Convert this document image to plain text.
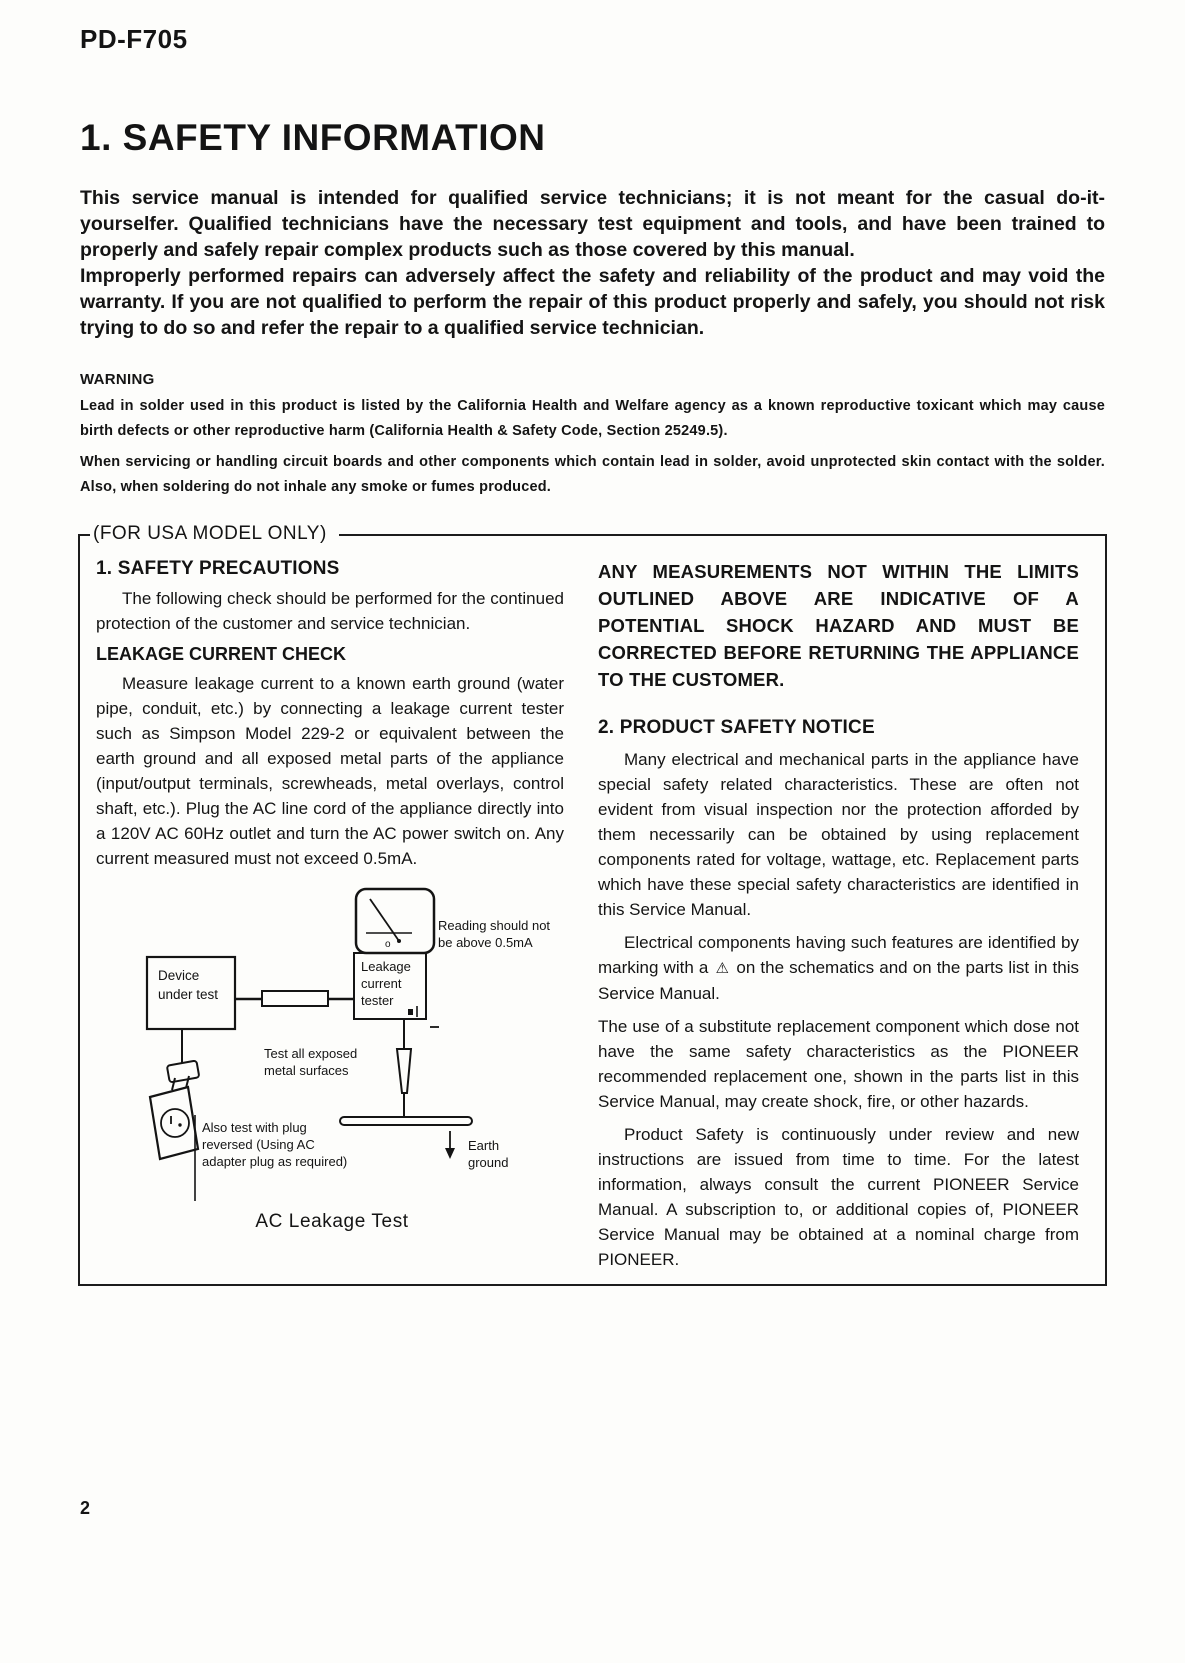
PD-F705
1. SAFETY INFORMATION

This service manual is intended for qualified service technicians; it is not meant for the casual do-it-yourselfer. Qualified technicians have the necessary test equipment and tools, and have been trained to properly and safely repair complex products such as those covered by this manual.

Improperly performed repairs can adversely affect the safety and reliability of the product and may void the warranty. If you are not qualified to perform the repair of this product properly and safely, you should not risk trying to do so and refer the repair to a qualified service technician.

WARNING

Lead in solder used in this product is listed by the California Health and Welfare agency as a known reproductive toxicant which may cause birth defects or other reproductive harm (California Health & Safety Code, Section 25249.5).

When servicing or handling circuit boards and other components which contain lead in solder, avoid unprotected skin contact with the solder. Also, when soldering do not inhale any smoke or fumes produced.

(FOR USA MODEL ONLY)
1. SAFETY PRECAUTIONS

The following check should be performed for the continued protection of the customer and service technician.

LEAKAGE CURRENT CHECK

Measure leakage current to a known earth ground (water pipe, conduit, etc.) by connecting a leakage current tester such as Simpson Model 229-2 or equivalent between the earth ground and all exposed metal parts of the appliance (input/output terminals, screwheads, metal overlays, control shaft, etc.). Plug the AC line cord of the appliance directly into a 120V AC 60Hz outlet and turn the AC power switch on. Any current measured must not exceed 0.5mA.

o
Reading should not be above 0.5mA
Leakage current tester
Device under test
Test all exposed metal surfaces
Also test with plug reversed (Using AC adapter plug as required)
Earth ground
AC Leakage Test

ANY MEASUREMENTS NOT WITHIN THE LIMITS OUTLINED ABOVE ARE INDICATIVE OF A POTENTIAL SHOCK HAZARD AND MUST BE CORRECTED BEFORE RETURNING THE APPLIANCE TO THE CUSTOMER.

2. PRODUCT SAFETY NOTICE

Many electrical and mechanical parts in the appliance have special safety related characteristics. These are often not evident from visual inspection nor the protection afforded by them necessarily can be obtained by using replacement components rated for voltage, wattage, etc. Replacement parts which have these special safety characteristics are identified in this Service Manual.

Electrical components having such features are identified by marking with a ⚠ on the schematics and on the parts list in this Service Manual.

The use of a substitute replacement component which dose not have the same safety characteristics as the PIONEER recommended replacement one, shown in the parts list in this Service Manual, may create shock, fire, or other hazards.

Product Safety is continuously under review and new instructions are issued from time to time. For the latest information, always consult the current PIONEER Service Manual. A subscription to, or additional copies of, PIONEER Service Manual may be obtained at a nominal charge from PIONEER.

2
